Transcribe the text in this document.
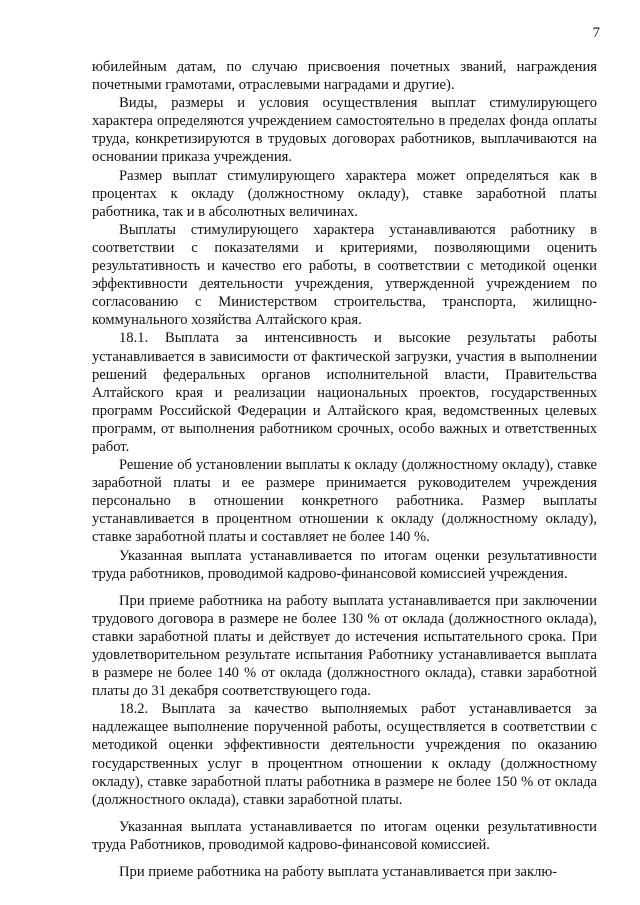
7

юбилейным датам, по случаю присвоения почетных званий, награждения почетными грамотами, отраслевыми наградами и другие).

Виды, размеры и условия осуществления выплат стимулирующего характера определяются учреждением самостоятельно в пределах фонда оплаты труда, конкретизируются в трудовых договорах работников, выплачиваются на основании приказа учреждения.

Размер выплат стимулирующего характера может определяться как в процентах к окладу (должностному окладу), ставке заработной платы работника, так и в абсолютных величинах.

Выплаты стимулирующего характера устанавливаются работнику в соответствии с показателями и критериями, позволяющими оценить результативность и качество его работы, в соответствии с методикой оценки эффективности деятельности учреждения, утвержденной учреждением по согласованию с Министерством строительства, транспорта, жилищно-коммунального хозяйства Алтайского края.

18.1. Выплата за интенсивность и высокие результаты работы устанавливается в зависимости от фактической загрузки, участия в выполнении решений федеральных органов исполнительной власти, Правительства Алтайского края и реализации национальных проектов, государственных программ Российской Федерации и Алтайского края, ведомственных целевых программ, от выполнения работником срочных, особо важных и ответственных работ.

Решение об установлении выплаты к окладу (должностному окладу), ставке заработной платы и ее размере принимается руководителем учреждения персонально в отношении конкретного работника. Размер выплаты устанавливается в процентном отношении к окладу (должностному окладу), ставке заработной платы и составляет не более 140 %.

Указанная выплата устанавливается по итогам оценки результативности труда работников, проводимой кадрово-финансовой комиссией учреждения.

При приеме работника на работу выплата устанавливается при заключении трудового договора в размере не более 130 % от оклада (должностного оклада), ставки заработной платы и действует до истечения испытательного срока. При удовлетворительном результате испытания Работнику устанавливается выплата в размере не более 140 % от оклада (должностного оклада), ставки заработной платы до 31 декабря соответствующего года.

18.2. Выплата за качество выполняемых работ устанавливается за надлежащее выполнение порученной работы, осуществляется в соответствии с методикой оценки эффективности деятельности учреждения по оказанию государственных услуг в процентном отношении к окладу (должностному окладу), ставке заработной платы работника в размере не более 150 % от оклада (должностного оклада), ставки заработной платы.

Указанная выплата устанавливается по итогам оценки результативности труда Работников, проводимой кадрово-финансовой комиссией.

При приеме работника на работу выплата устанавливается при заклю-
